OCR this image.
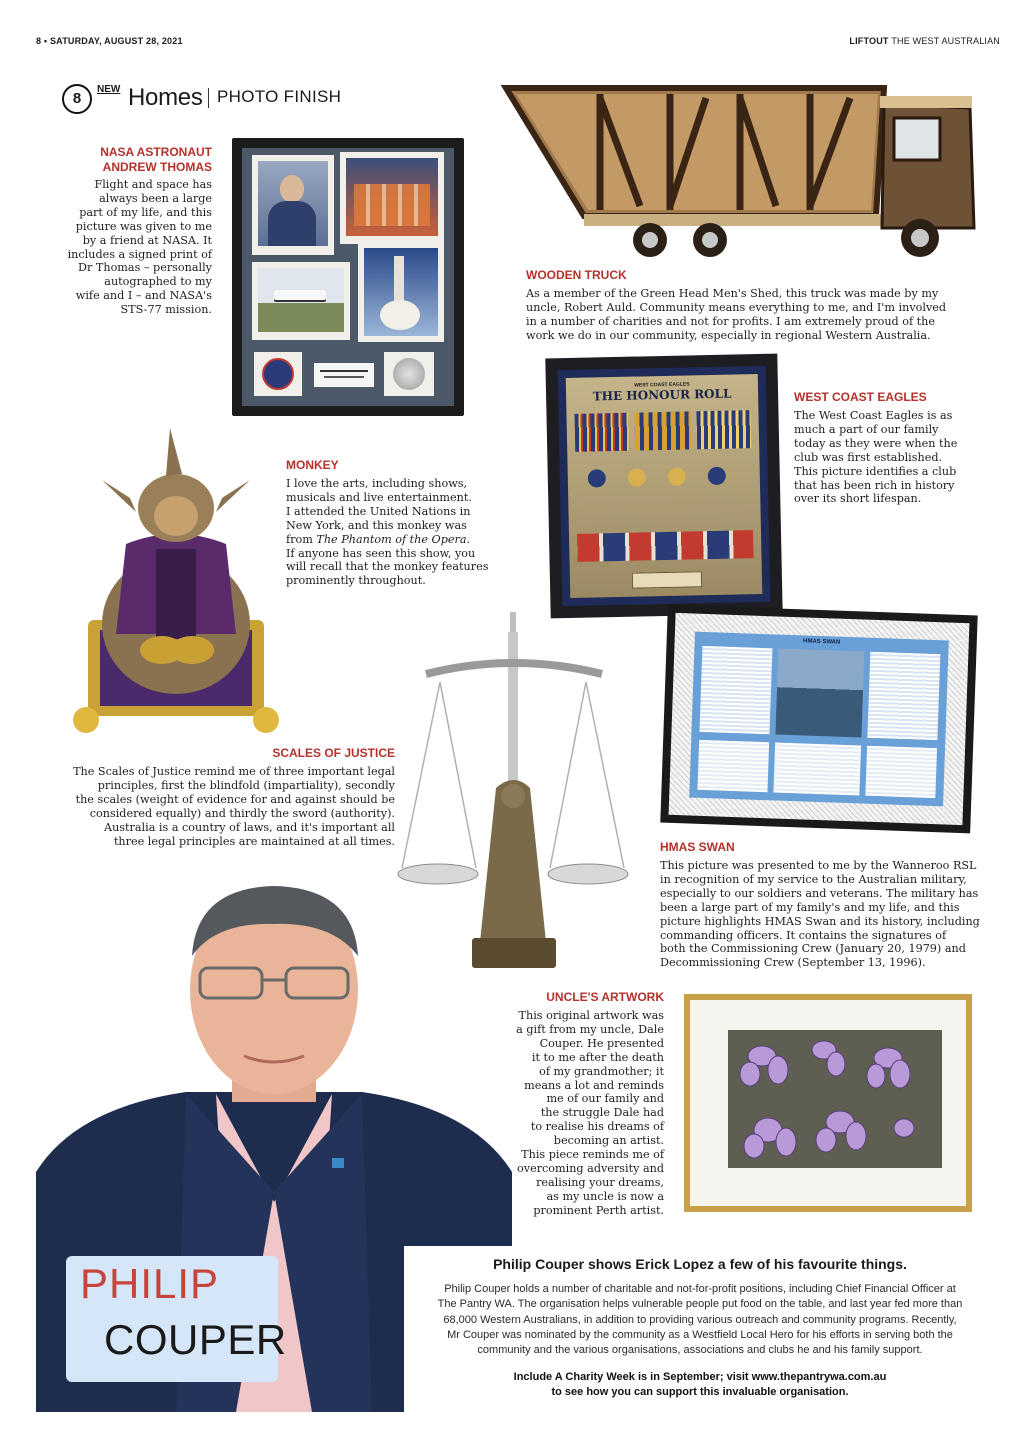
8 • SATURDAY, AUGUST 28, 2021	LIFTOUT THE WEST AUSTRALIAN
8
NEW Homes PHOTO FINISH
NASA ASTRONAUT
ANDREW THOMAS
Flight and space has
always been a large
part of my life, and this
picture was given to me
by a friend at NASA. It
includes a signed print of
Dr Thomas – personally
autographed to my
wife and I – and NASA's
STS-77 mission.
WOODEN TRUCK
As a member of the Green Head Men's Shed, this truck was made by my
uncle, Robert Auld. Community means everything to me, and I'm involved
in a number of charities and not for profits. I am extremely proud of the
work we do in our community, especially in regional Western Australia.
WEST COAST EAGLES
THE HONOUR ROLL	WEST COAST EAGLES
The West Coast Eagles is as
much a part of our family
today as they were when the
club was first established.
This picture identifies a club
that has been rich in history
over its short lifespan.
MONKEY
I love the arts, including shows,
musicals and live entertainment.
I attended the United Nations in
New York, and this monkey was
from The Phantom of the Opera.
If anyone has seen this show, you
will recall that the monkey features
prominently throughout.
SCALES OF JUSTICE
The Scales of Justice remind me of three important legal
principles, first the blindfold (impartiality), secondly
the scales (weight of evidence for and against should be
considered equally) and thirdly the sword (authority).
Australia is a country of laws, and it's important all
three legal principles are maintained at all times.
HMAS SWAN
HMAS SWAN
This picture was presented to me by the Wanneroo RSL
in recognition of my service to the Australian military,
especially to our soldiers and veterans. The military has
been a large part of my family's and my life, and this
picture highlights HMAS Swan and its history, including
commanding officers. It contains the signatures of
both the Commissioning Crew (January 20, 1979) and
Decommissioning Crew (September 13, 1996).
PHILIP
COUPER
UNCLE'S ARTWORK
This original artwork was
a gift from my uncle, Dale
Couper. He presented
it to me after the death
of my grandmother; it
means a lot and reminds
me of our family and
the struggle Dale had
to realise his dreams of
becoming an artist.
This piece reminds me of
overcoming adversity and
realising your dreams,
as my uncle is now a
prominent Perth artist.
Philip Couper shows Erick Lopez a few of his favourite things.
Philip Couper holds a number of charitable and not-for-profit positions, including Chief Financial Officer at
The Pantry WA. The organisation helps vulnerable people put food on the table, and last year fed more than
68,000 Western Australians, in addition to providing various outreach and community programs. Recently,
Mr Couper was nominated by the community as a Westfield Local Hero for his efforts in serving both the
community and the various organisations, associations and clubs he and his family support.
Include A Charity Week is in September; visit www.thepantrywa.com.au
to see how you can support this invaluable organisation.
